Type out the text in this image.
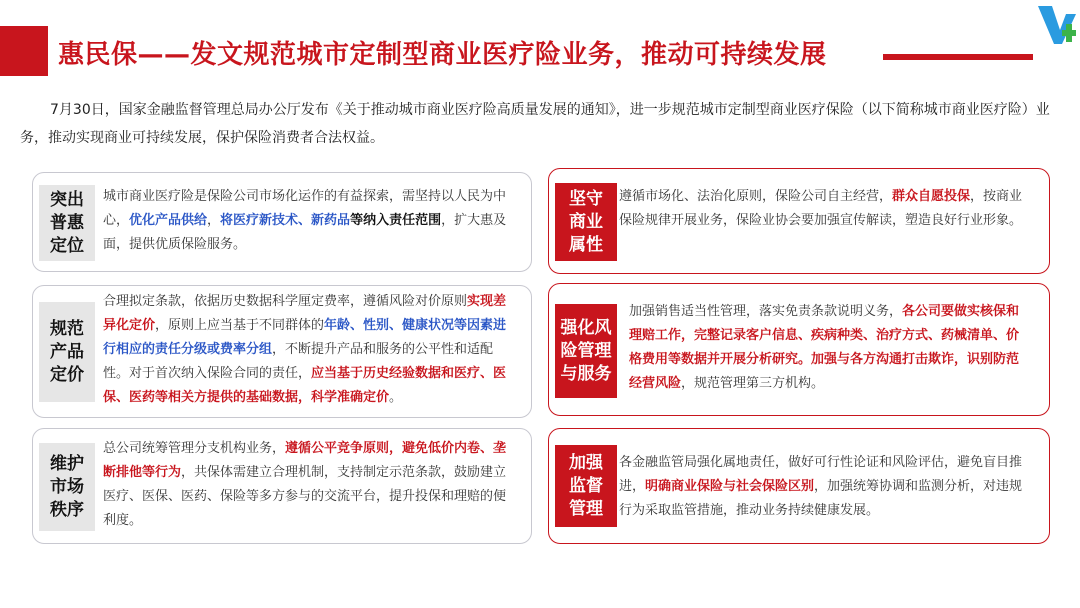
惠民保——发文规范城市定制型商业医疗险业务，推动可持续发展
7月30日，国家金融监督管理总局办公厅发布《关于推动城市商业医疗险高质量发展的通知》，进一步规范城市定制型商业医疗保险（以下简称城市商业医疗险）业务，推动实现商业可持续发展，保护保险消费者合法权益。
突出
普惠
定位
城市商业医疗险是保险公司市场化运作的有益探索，需坚持以人民为中心，优化产品供给，将医疗新技术、新药品等纳入责任范围，扩大惠及面，提供优质保险服务。
规范
产品
定价
合理拟定条款，依据历史数据科学厘定费率，遵循风险对价原则实现差异化定价，原则上应当基于不同群体的年龄、性别、健康状况等因素进行相应的责任分级或费率分组，不断提升产品和服务的公平性和适配性。对于首次纳入保险合同的责任，应当基于历史经验数据和医疗、医保、医药等相关方提供的基础数据，科学准确定价。
维护
市场
秩序
总公司统筹管理分支机构业务，遵循公平竞争原则，避免低价内卷、垄断排他等行为，共保体需建立合理机制，支持制定示范条款，鼓励建立医疗、医保、医药、保险等多方参与的交流平台，提升投保和理赔的便利度。
坚守
商业
属性
遵循市场化、法治化原则，保险公司自主经营，群众自愿投保，按商业保险规律开展业务，保险业协会要加强宣传解读，塑造良好行业形象。
强化风
险管理
与服务
加强销售适当性管理，落实免责条款说明义务，各公司要做实核保和理赔工作，完整记录客户信息、疾病种类、治疗方式、药械清单、价格费用等数据并开展分析研究。加强与各方沟通打击欺诈，识别防范经营风险，规范管理第三方机构。
加强
监督
管理
各金融监管局强化属地责任，做好可行性论证和风险评估，避免盲目推进，明确商业保险与社会保险区别，加强统筹协调和监测分析，对违规行为采取监管措施，推动业务持续健康发展。
